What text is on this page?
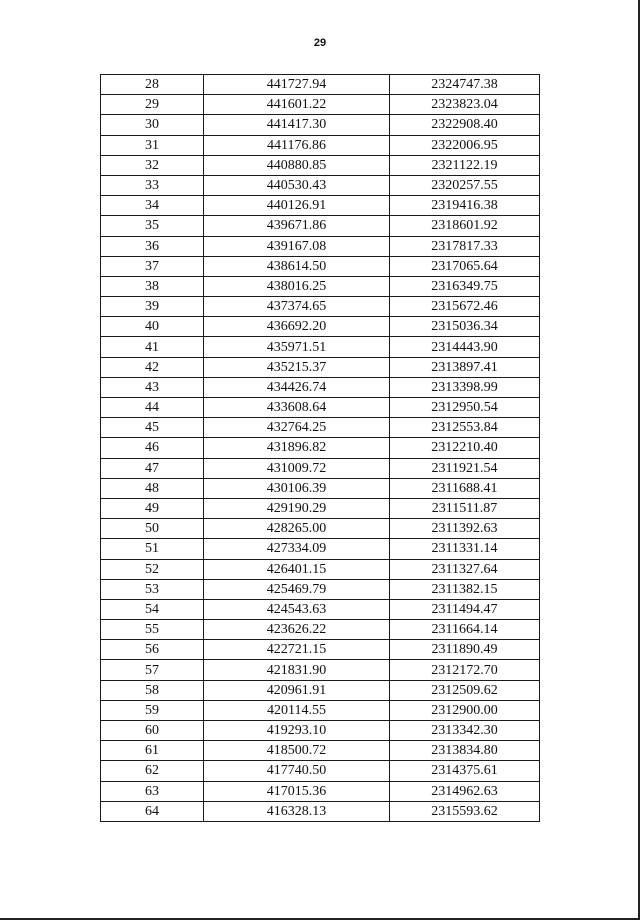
29
28	441727.94	2324747.38
29	441601.22	2323823.04
30	441417.30	2322908.40
31	441176.86	2322006.95
32	440880.85	2321122.19
33	440530.43	2320257.55
34	440126.91	2319416.38
35	439671.86	2318601.92
36	439167.08	2317817.33
37	438614.50	2317065.64
38	438016.25	2316349.75
39	437374.65	2315672.46
40	436692.20	2315036.34
41	435971.51	2314443.90
42	435215.37	2313897.41
43	434426.74	2313398.99
44	433608.64	2312950.54
45	432764.25	2312553.84
46	431896.82	2312210.40
47	431009.72	2311921.54
48	430106.39	2311688.41
49	429190.29	2311511.87
50	428265.00	2311392.63
51	427334.09	2311331.14
52	426401.15	2311327.64
53	425469.79	2311382.15
54	424543.63	2311494.47
55	423626.22	2311664.14
56	422721.15	2311890.49
57	421831.90	2312172.70
58	420961.91	2312509.62
59	420114.55	2312900.00
60	419293.10	2313342.30
61	418500.72	2313834.80
62	417740.50	2314375.61
63	417015.36	2314962.63
64	416328.13	2315593.62
